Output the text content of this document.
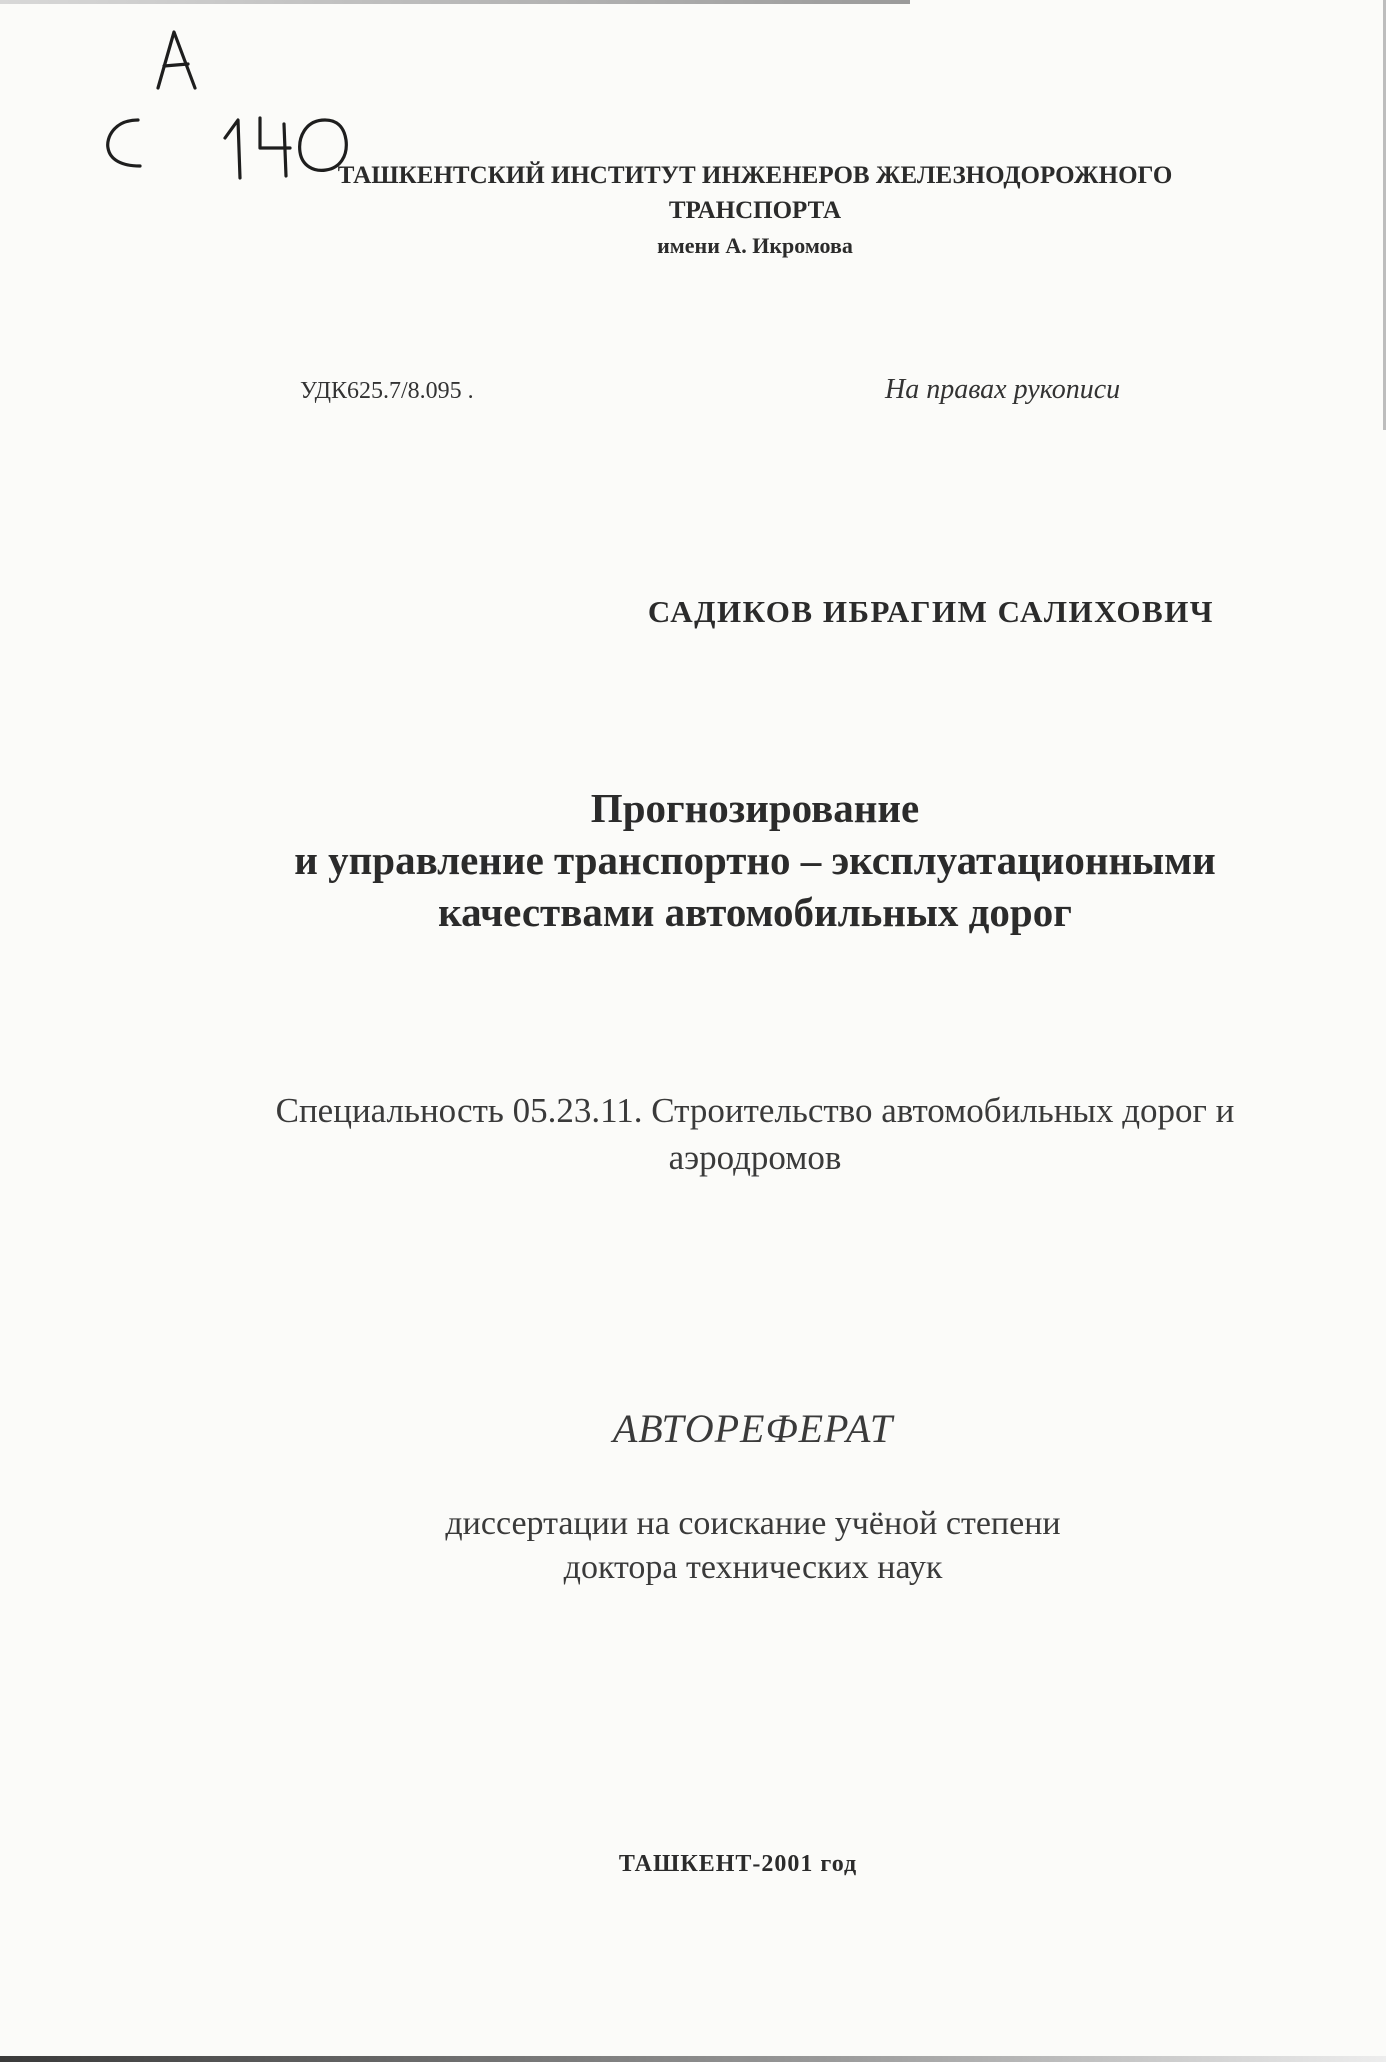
ТАШКЕНТСКИЙ ИНСТИТУТ ИНЖЕНЕРОВ ЖЕЛЕЗНОДОРОЖНОГО
ТРАНСПОРТА
имени А. Икромова
УДК625.7/8.095 .	На правах рукописи
САДИКОВ ИБРАГИМ САЛИХОВИЧ
Прогнозирование
и управление транспортно – эксплуатационными
качествами автомобильных дорог
Специальность 05.23.11. Строительство автомобильных дорог и
аэродромов
АВТОРЕФЕРАТ
диссертации на соискание учёной степени
доктора технических наук
ТАШКЕНТ-2001 год
